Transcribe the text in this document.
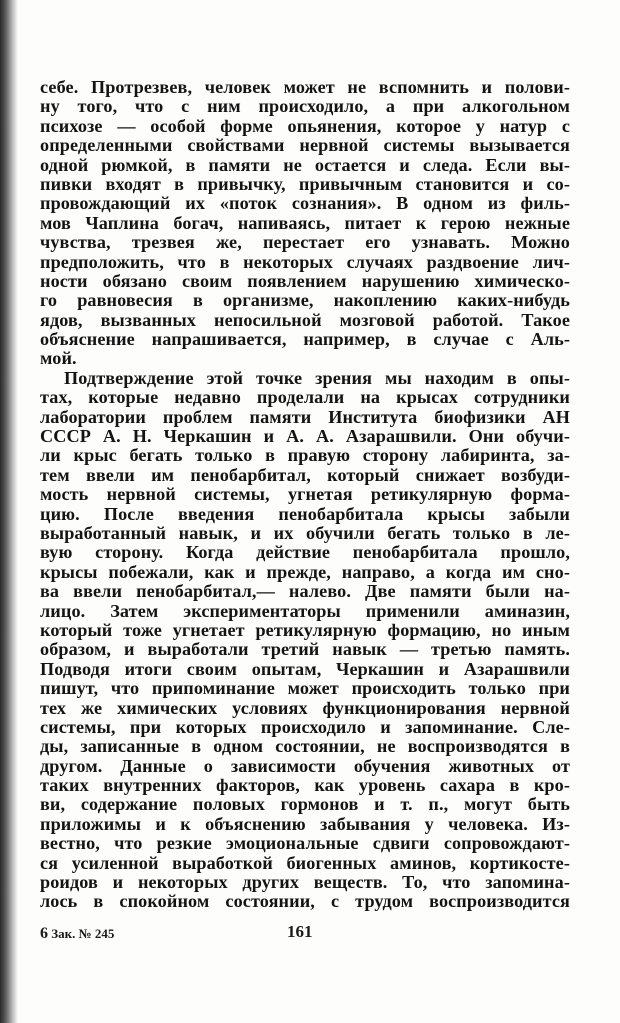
себе. Протрезвев, человек может не вспомнить и полови-
ну того, что с ним происходило, а при алкогольном
психозе — особой форме опьянения, которое у натур с
определенными свойствами нервной системы вызывается
одной рюмкой, в памяти не остается и следа. Если вы-
пивки входят в привычку, привычным становится и со-
провождающий их «поток сознания». В одном из филь-
мов Чаплина богач, напиваясь, питает к герою нежные
чувства, трезвея же, перестает его узнавать. Можно
предположить, что в некоторых случаях раздвоение лич-
ности обязано своим появлением нарушению химическо-
го равновесия в организме, накоплению каких-нибудь
ядов, вызванных непосильной мозговой работой. Такое
объяснение напрашивается, например, в случае с Аль-
мой.
Подтверждение этой точке зрения мы находим в опы-
тах, которые недавно проделали на крысах сотрудники
лаборатории проблем памяти Института биофизики АН
СССР А. Н. Черкашин и А. А. Азарашвили. Они обучи-
ли крыс бегать только в правую сторону лабиринта, за-
тем ввели им пенобарбитал, который снижает возбуди-
мость нервной системы, угнетая ретикулярную форма-
цию. После введения пенобарбитала крысы забыли
выработанный навык, и их обучили бегать только в ле-
вую сторону. Когда действие пенобарбитала прошло,
крысы побежали, как и прежде, направо, а когда им сно-
ва ввели пенобарбитал,— налево. Две памяти были на-
лицо. Затем экспериментаторы применили аминазин,
который тоже угнетает ретикулярную формацию, но иным
образом, и выработали третий навык — третью память.
Подводя итоги своим опытам, Черкашин и Азарашвили
пишут, что припоминание может происходить только при
тех же химических условиях функционирования нервной
системы, при которых происходило и запоминание. Сле-
ды, записанные в одном состоянии, не воспроизводятся в
другом. Данные о зависимости обучения животных от
таких внутренних факторов, как уровень сахара в кро-
ви, содержание половых гормонов и т. п., могут быть
приложимы и к объяснению забывания у человека. Из-
вестно, что резкие эмоциональные сдвиги сопровождают-
ся усиленной выработкой биогенных аминов, кортикосте-
роидов и некоторых других веществ. То, что запомина-
лось в спокойном состоянии, с трудом воспроизводится
6 Зак. № 245	161
